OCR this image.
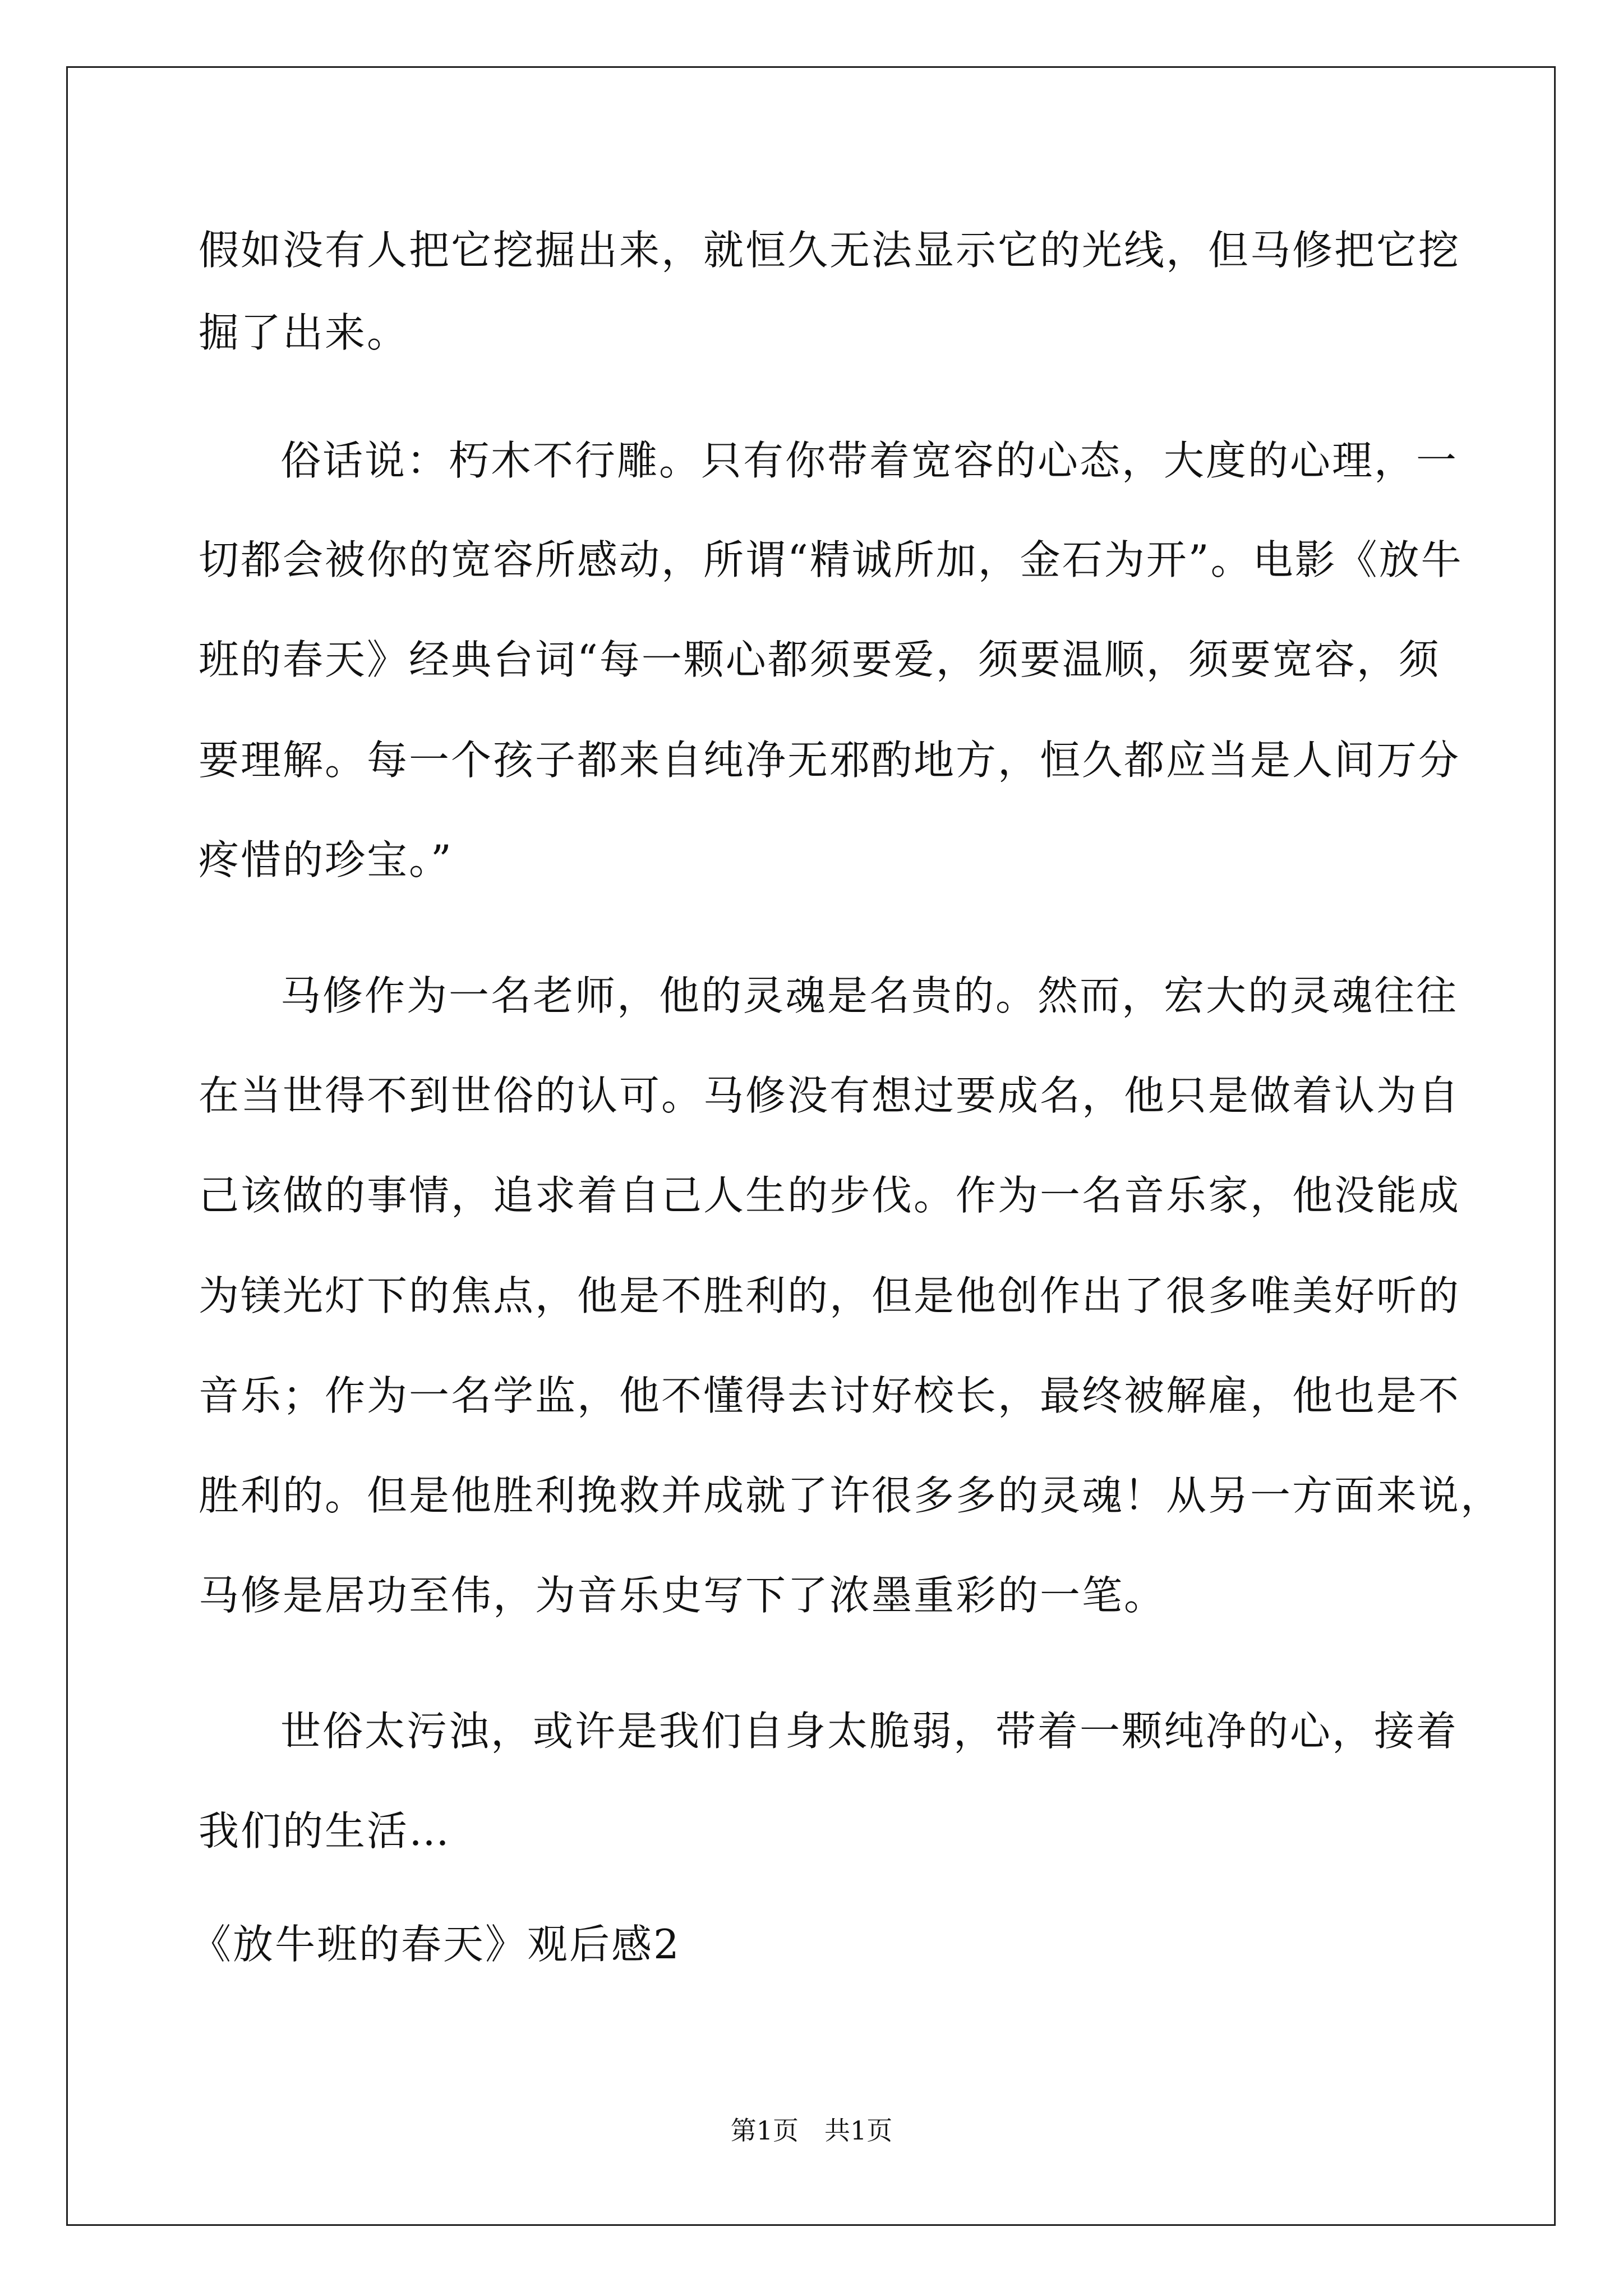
假如没有人把它挖掘出来，就恒久无法显示它的光线，但马修把它挖
掘了出来。
俗话说：朽木不行雕。只有你带着宽容的心态，大度的心理，一
切都会被你的宽容所感动，所谓“精诚所加，金石为开”。电影《放牛
班的春天》经典台词“每一颗心都须要爱，须要温顺，须要宽容，须
要理解。每一个孩子都来自纯净无邪酌地方，恒久都应当是人间万分
疼惜的珍宝。”
马修作为一名老师，他的灵魂是名贵的。然而，宏大的灵魂往往
在当世得不到世俗的认可。马修没有想过要成名，他只是做着认为自
己该做的事情，追求着自己人生的步伐。作为一名音乐家，他没能成
为镁光灯下的焦点，他是不胜利的，但是他创作出了很多唯美好听的
音乐；作为一名学监，他不懂得去讨好校长，最终被解雇，他也是不
胜利的。但是他胜利挽救并成就了许很多多的灵魂！从另一方面来说，
马修是居功至伟，为音乐史写下了浓墨重彩的一笔。
世俗太污浊，或许是我们自身太脆弱，带着一颗纯净的心，接着
我们的生活…
《放牛班的春天》观后感2
第1页　共1页
